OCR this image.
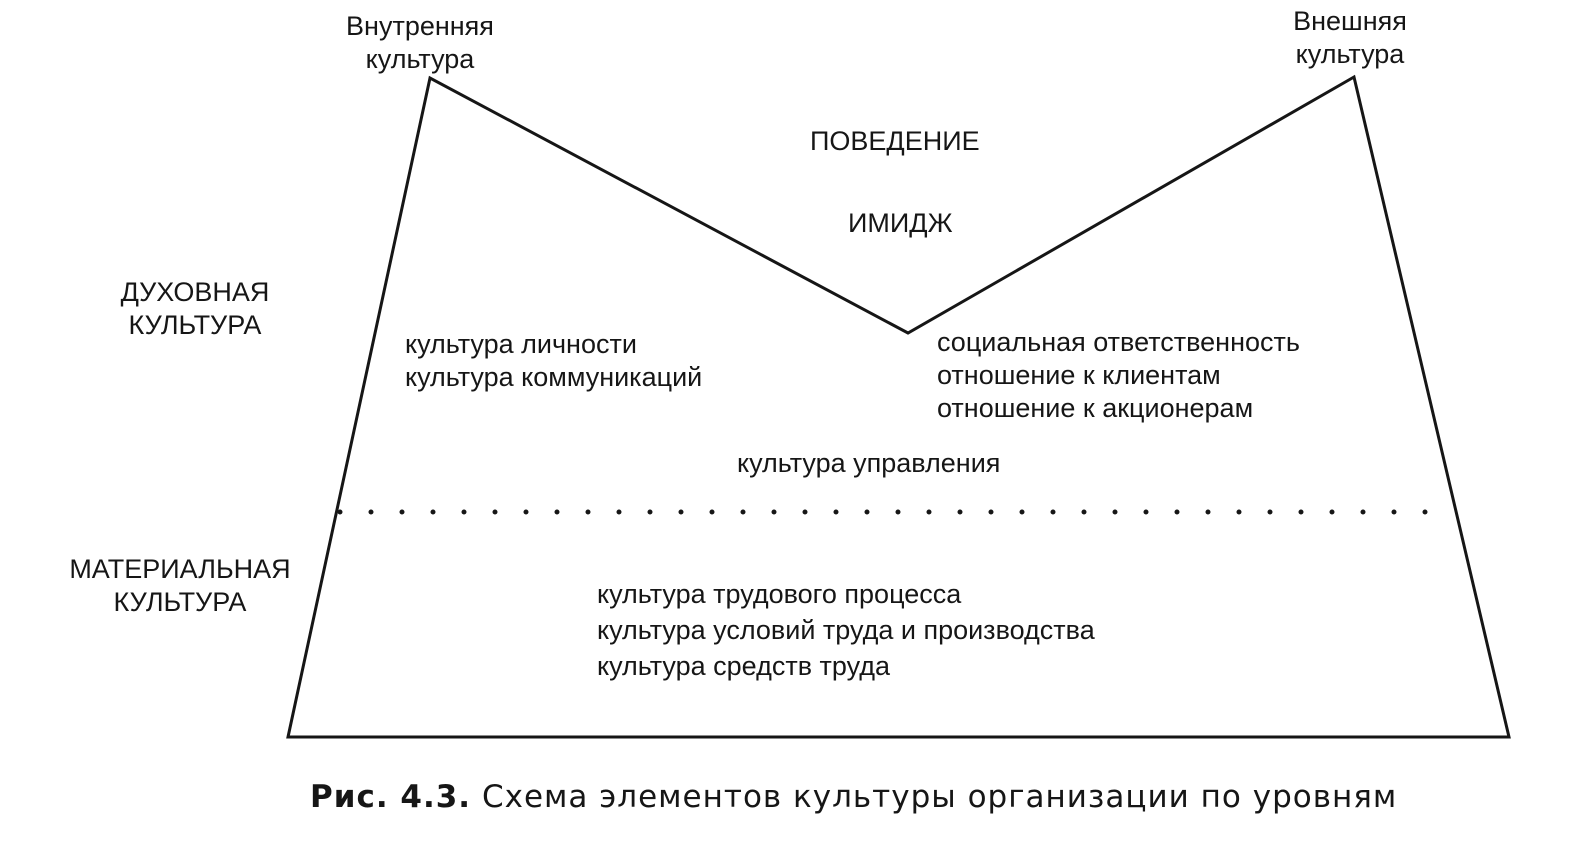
Внутренняя
культура
Внешняя
культура
ПОВЕДЕНИЕ
ИМИДЖ
ДУХОВНАЯ
КУЛЬТУРА
культура личности
культура коммуникаций
социальная ответственность
отношение к клиентам
отношение к акционерам
культура управления
МАТЕРИАЛЬНАЯ
КУЛЬТУРА	культура трудового процесса
культура условий труда и производства
культура средств труда
Рис. 4.3. Схема элементов культуры организации по уровням
